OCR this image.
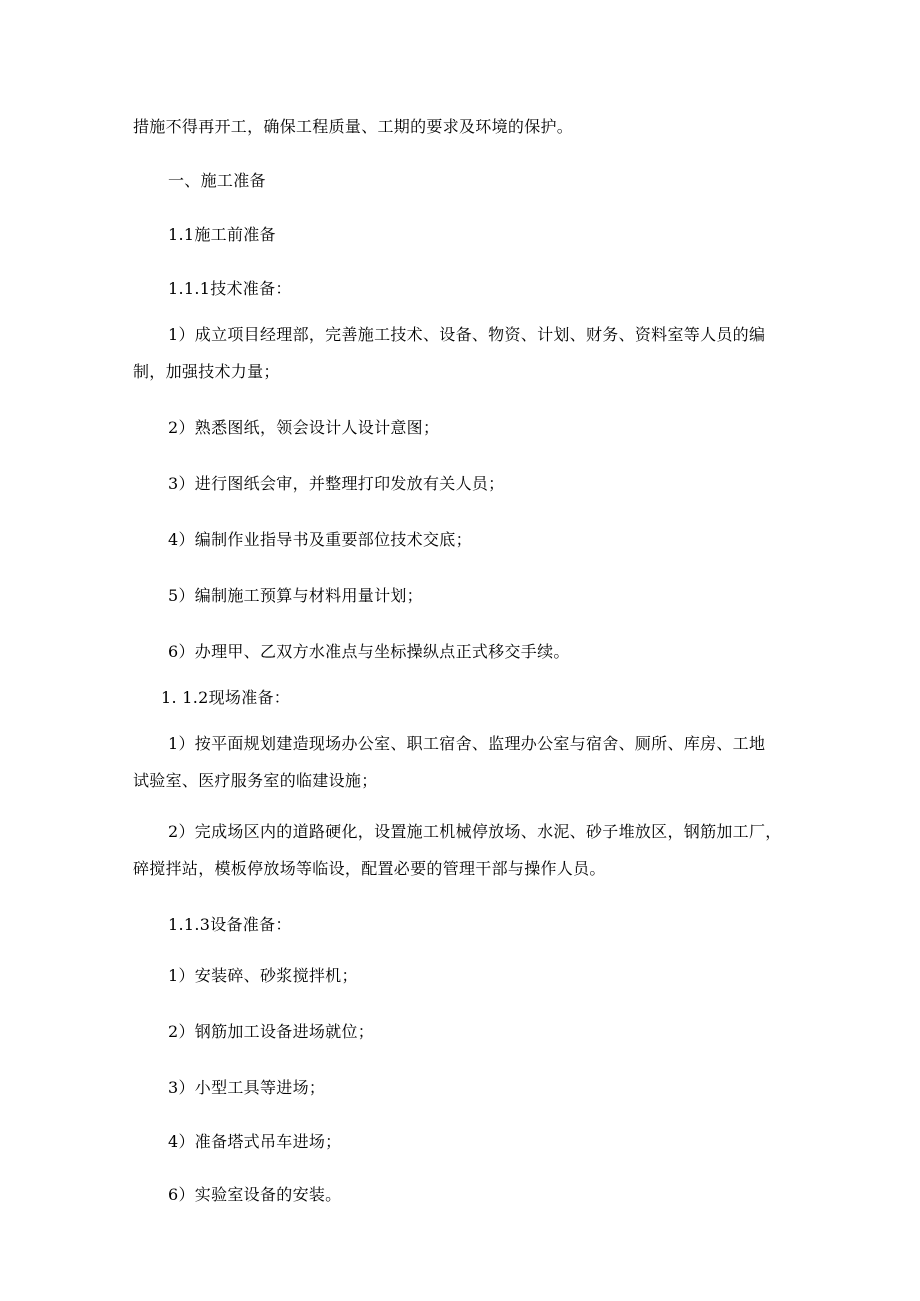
措施不得再开工，确保工程质量、工期的要求及环境的保护。

一、施工准备

1.1施工前准备

1.1.1技术准备：

1）成立项目经理部，完善施工技术、设备、物资、计划、财务、资料室等人员的编

制，加强技术力量；

2）熟悉图纸，领会设计人设计意图；

3）进行图纸会审，并整理打印发放有关人员；

4）编制作业指导书及重要部位技术交底；

5）编制施工预算与材料用量计划；

6）办理甲、乙双方水准点与坐标操纵点正式移交手续。

1. 1.2现场准备：

1）按平面规划建造现场办公室、职工宿舍、监理办公室与宿舍、厕所、库房、工地

试验室、医疗服务室的临建设施；

2）完成场区内的道路硬化，设置施工机械停放场、水泥、砂子堆放区，钢筋加工厂，

碎搅拌站，模板停放场等临设，配置必要的管理干部与操作人员。

1.1.3设备准备：

1）安装碎、砂浆搅拌机；

2）钢筋加工设备进场就位；

3）小型工具等进场；

4）准备塔式吊车进场；

6）实验室设备的安装。
